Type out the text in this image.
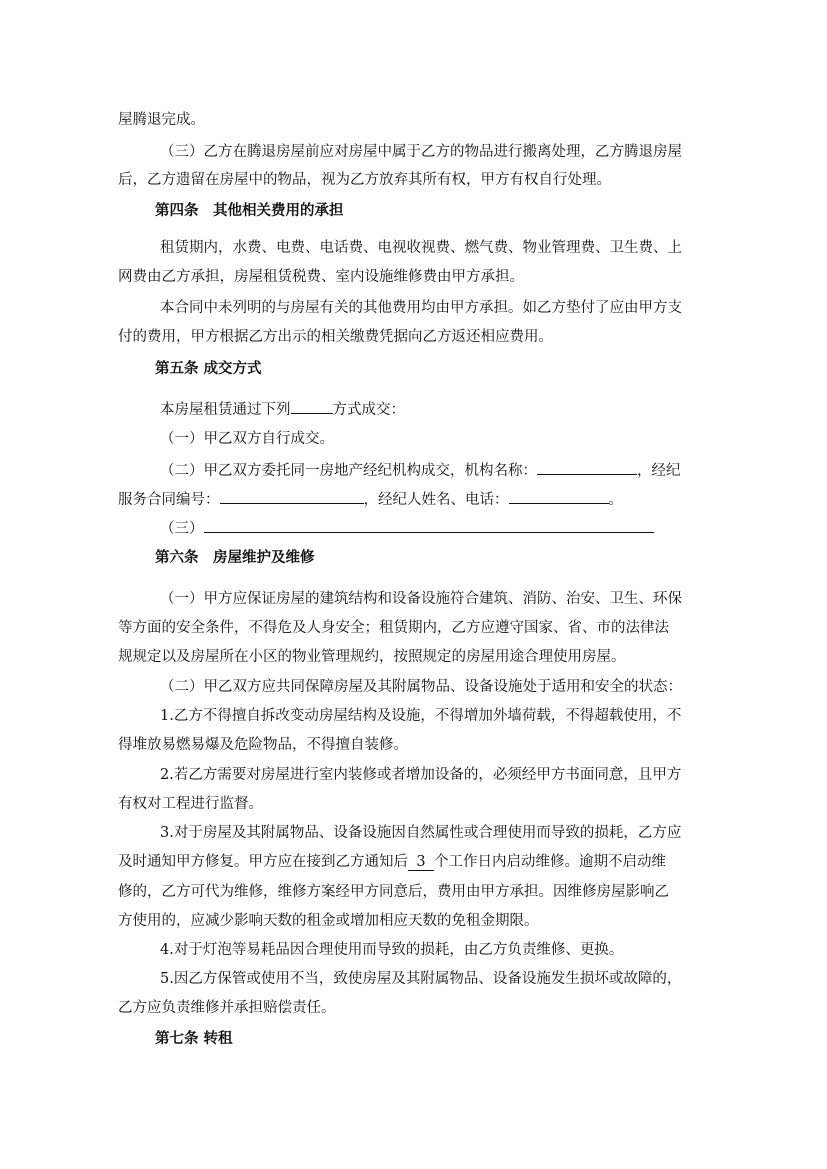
屋腾退完成。
（三）乙方在腾退房屋前应对房屋中属于乙方的物品进行搬离处理，乙方腾退房屋
后，乙方遗留在房屋中的物品，视为乙方放弃其所有权，甲方有权自行处理。
第四条　其他相关费用的承担
租赁期内，水费、电费、电话费、电视收视费、燃气费、物业管理费、卫生费、上
网费由乙方承担，房屋租赁税费、室内设施维修费由甲方承担。
本合同中未列明的与房屋有关的其他费用均由甲方承担。如乙方垫付了应由甲方支
付的费用，甲方根据乙方出示的相关缴费凭据向乙方返还相应费用。
第五条 成交方式
本房屋租赁通过下列	方式成交：
（一）甲乙双方自行成交。
（二）甲乙双方委托同一房地产经纪机构成交，机构名称：	，经纪
服务合同编号：	，经纪人姓名、电话：	。
（三）
第六条　房屋维护及维修
（一）甲方应保证房屋的建筑结构和设备设施符合建筑、消防、治安、卫生、环保
等方面的安全条件，不得危及人身安全；租赁期内，乙方应遵守国家、省、市的法律法
规规定以及房屋所在小区的物业管理规约，按照规定的房屋用途合理使用房屋。
（二）甲乙双方应共同保障房屋及其附属物品、设备设施处于适用和安全的状态：
1.乙方不得擅自拆改变动房屋结构及设施，不得增加外墙荷载，不得超载使用，不
得堆放易燃易爆及危险物品，不得擅自装修。
2.若乙方需要对房屋进行室内装修或者增加设备的，必须经甲方书面同意，且甲方
有权对工程进行监督。
3.对于房屋及其附属物品、设备设施因自然属性或合理使用而导致的损耗，乙方应
及时通知甲方修复。甲方应在接到乙方通知后 3 个工作日内启动维修。逾期不启动维
修的，乙方可代为维修，维修方案经甲方同意后，费用由甲方承担。因维修房屋影响乙
方使用的，应减少影响天数的租金或增加相应天数的免租金期限。
4.对于灯泡等易耗品因合理使用而导致的损耗，由乙方负责维修、更换。
5.因乙方保管或使用不当，致使房屋及其附属物品、设备设施发生损坏或故障的，
乙方应负责维修并承担赔偿责任。
第七条 转租
